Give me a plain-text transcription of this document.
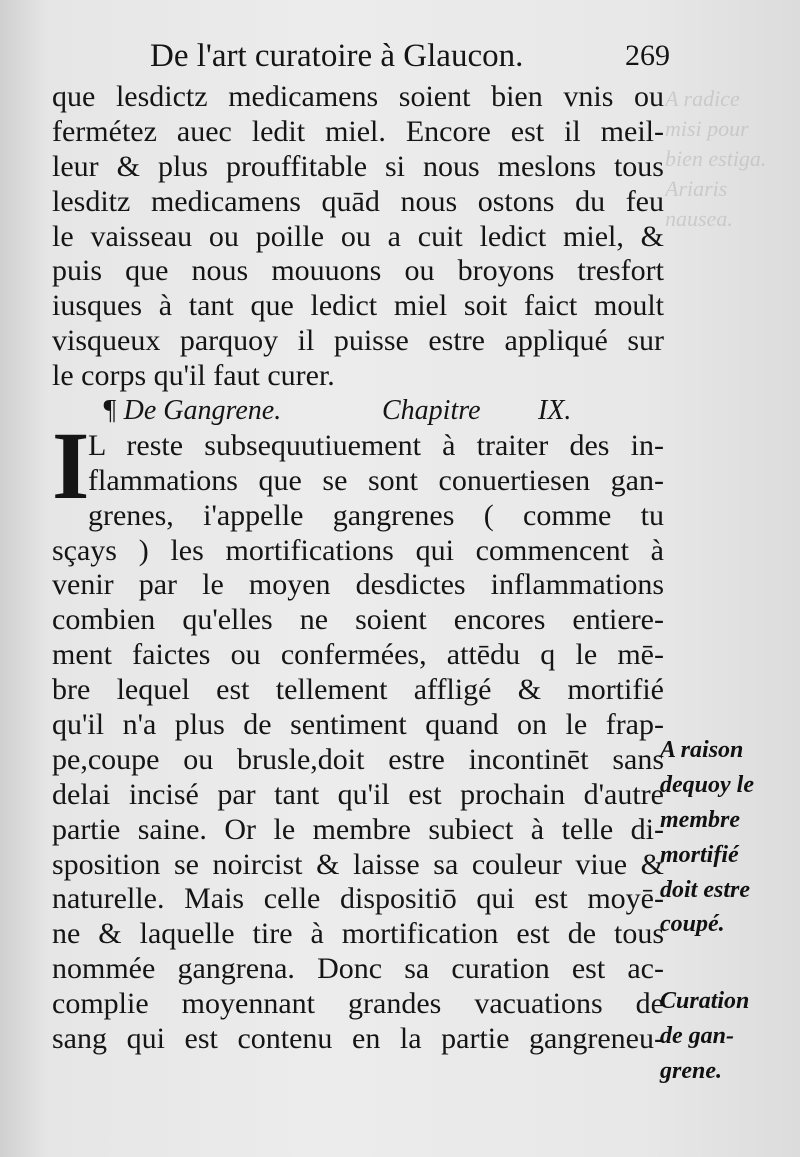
A radice
misi pour
bien estiga.
Ariaris
nausea.
De l'art curatoire à Glaucon.	269
que lesdictz medicamens soient bien vnis ou
fermétez auec ledit miel. Encore est il meil-
leur & plus prouffitable si nous meslons tous
lesditz medicamens quād nous ostons du feu
le vaisseau ou poille ou a cuit ledict miel, &
puis que nous mouuons ou broyons tresfort
iusques à tant que ledict miel soit faict moult
visqueux parquoy il puisse estre appliqué sur
le corps qu'il faut curer.
¶ De Gangrene.	Chapitre IX.
I
L reste subsequutiuement à traiter des in-
flammations que se sont conuertiesen gan-
grenes, i'appelle gangrenes ( comme tu
sçays ) les mortifications qui commencent à
venir par le moyen desdictes inflammations
combien qu'elles ne soient encores entiere-
ment faictes ou confermées, attēdu q le mē-
bre lequel est tellement affligé & mortifié
qu'il n'a plus de sentiment quand on le frap-
pe,coupe ou brusle,doit estre incontinēt sans
delai incisé par tant qu'il est prochain d'autre
partie saine. Or le membre subiect à telle di-
sposition se noircist & laisse sa couleur viue &
naturelle. Mais celle dispositiō qui est moyē-
ne & laquelle tire à mortification est de tous
nommée gangrena. Donc sa curation est ac-
complie moyennant grandes vacuations de
sang qui est contenu en la partie gangreneu-
A raison
dequoy le
membre
mortifié
doit estre
coupé.
Curation
de gan-
grene.
